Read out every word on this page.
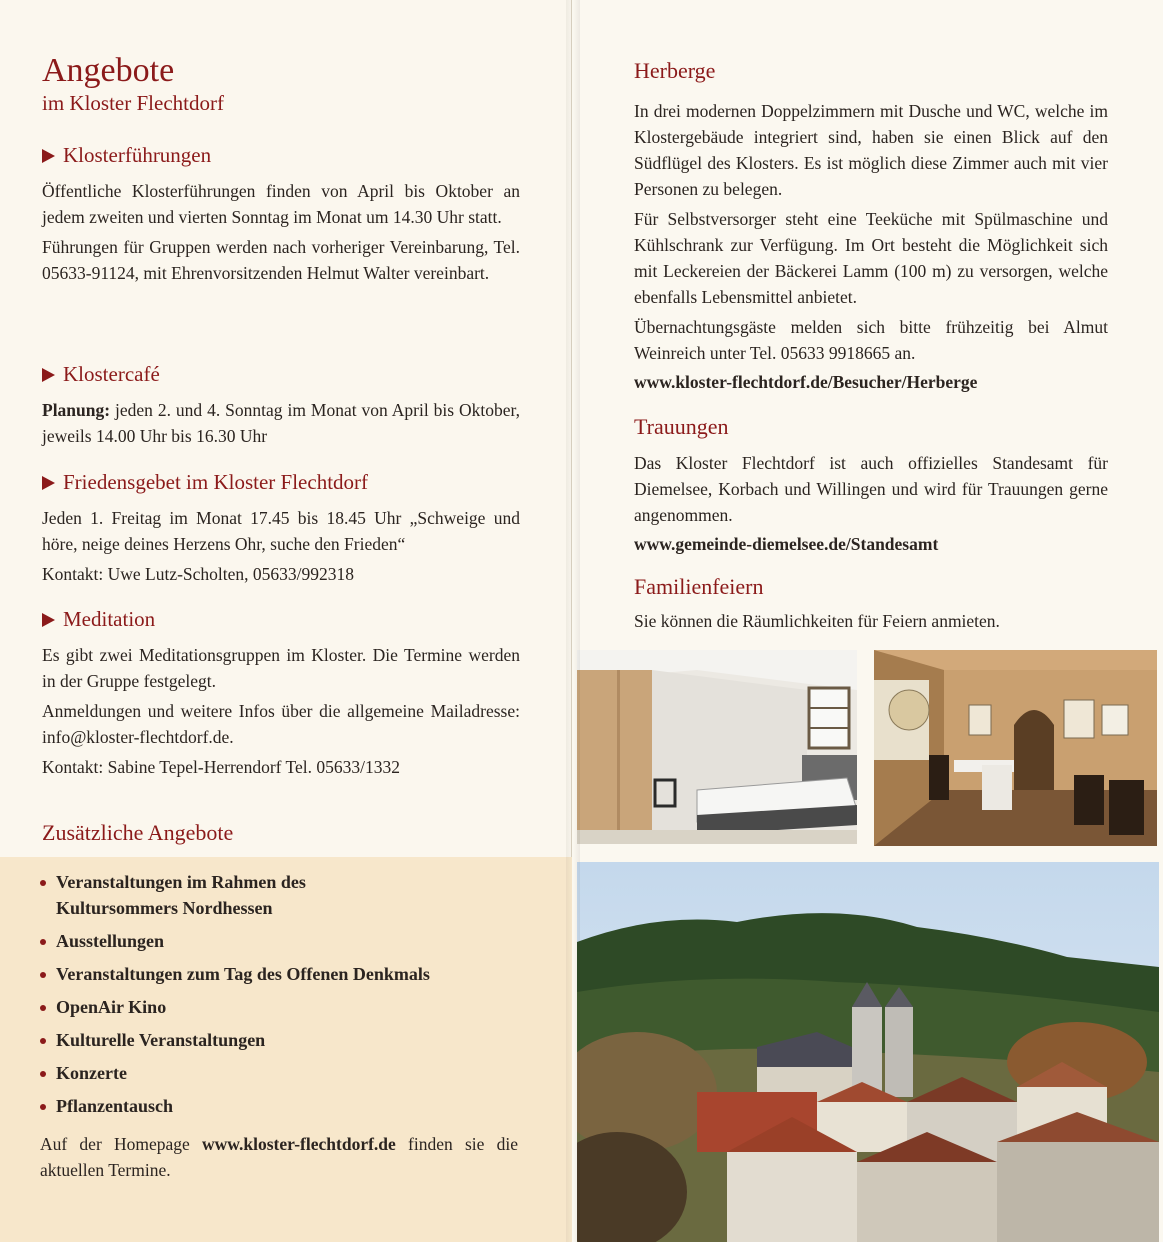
Angebote
im Kloster Flechtdorf
Klosterführungen

Öffentliche Klosterführungen finden von April bis Oktober an jedem zweiten und vierten Sonntag im Monat um 14.30 Uhr statt.

Führungen für Gruppen werden nach vorheriger Vereinbarung, Tel. 05633-91124, mit Ehrenvorsitzenden Helmut Walter vereinbart.

Klostercafé

Planung: jeden 2. und 4. Sonntag im Monat von April bis Oktober, jeweils 14.00 Uhr bis 16.30 Uhr

Friedensgebet im Kloster Flechtdorf

Jeden 1. Freitag im Monat 17.45 bis 18.45 Uhr „Schweige und höre, neige deines Herzens Ohr, suche den Frieden“

Kontakt: Uwe Lutz-Scholten, 05633/992318

Meditation

Es gibt zwei Meditationsgruppen im Kloster. Die Termine werden in der Gruppe festgelegt.

Anmeldungen und weitere Infos über die allgemeine Mailadresse: info@kloster-flechtdorf.de.

Kontakt: Sabine Tepel-Herrendorf Tel. 05633/1332

Zusätzliche Angebote
Veranstaltungen im Rahmen des Kultursommers Nordhessen
Ausstellungen
Veranstaltungen zum Tag des Offenen Denkmals
OpenAir Kino
Kulturelle Veranstaltungen
Konzerte
Pflanzentausch

Auf der Homepage www.kloster-flechtdorf.de finden sie die aktuellen Termine.

Herberge

In drei modernen Doppelzimmern mit Dusche und WC, welche im Klostergebäude integriert sind, haben sie einen Blick auf den Südflügel des Klosters. Es ist möglich diese Zimmer auch mit vier Personen zu belegen.

Für Selbstversorger steht eine Teeküche mit Spülmaschine und Kühlschrank zur Verfügung. Im Ort besteht die Möglichkeit sich mit Leckereien der Bäckerei Lamm (100 m) zu versorgen, welche ebenfalls Lebensmittel anbietet.

Übernachtungsgäste melden sich bitte frühzeitig bei Almut Weinreich unter Tel. 05633 9918665 an.

www.kloster-flechtdorf.de/Besucher/Herberge

Trauungen

Das Kloster Flechtdorf ist auch offizielles Standesamt für Diemelsee, Korbach und Willingen und wird für Trauungen gerne angenommen.

www.gemeinde-diemelsee.de/Standesamt

Familienfeiern

Sie können die Räumlichkeiten für Feiern anmieten.
